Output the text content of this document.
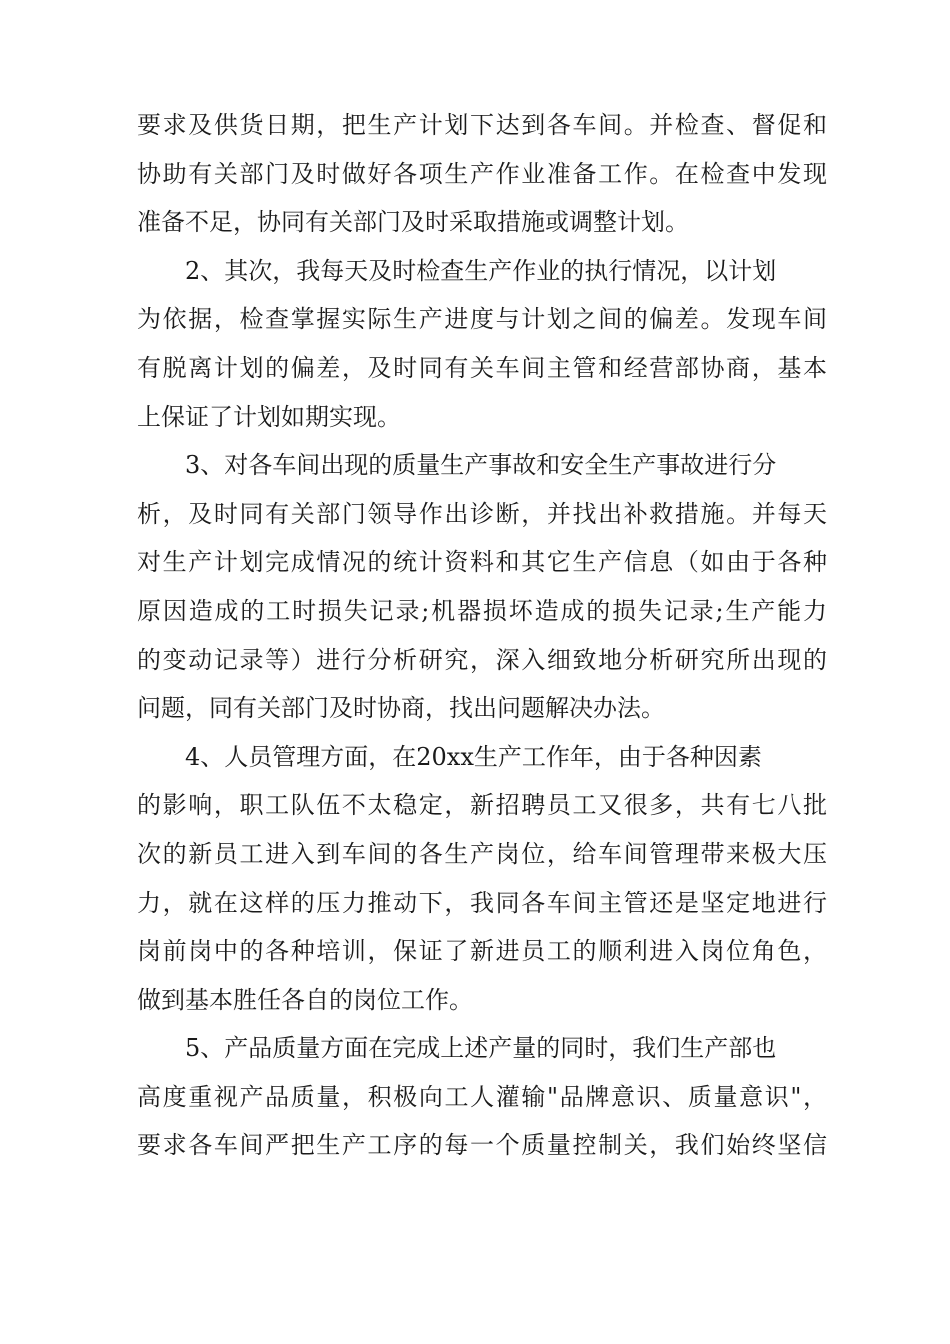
要求及供货日期，把生产计划下达到各车间。并检查、督促和
协助有关部门及时做好各项生产作业准备工作。在检查中发现
准备不足，协同有关部门及时采取措施或调整计划。

2、其次，我每天及时检查生产作业的执行情况，以计划
为依据，检查掌握实际生产进度与计划之间的偏差。发现车间
有脱离计划的偏差，及时同有关车间主管和经营部协商，基本
上保证了计划如期实现。

3、对各车间出现的质量生产事故和安全生产事故进行分
析，及时同有关部门领导作出诊断，并找出补救措施。并每天
对生产计划完成情况的统计资料和其它生产信息（如由于各种
原因造成的工时损失记录;机器损坏造成的损失记录;生产能力
的变动记录等）进行分析研究，深入细致地分析研究所出现的
问题，同有关部门及时协商，找出问题解决办法。

4、人员管理方面，在20xx生产工作年，由于各种因素
的影响，职工队伍不太稳定，新招聘员工又很多，共有七八批
次的新员工进入到车间的各生产岗位，给车间管理带来极大压
力，就在这样的压力推动下，我同各车间主管还是坚定地进行
岗前岗中的各种培训，保证了新进员工的顺利进入岗位角色，
做到基本胜任各自的岗位工作。

5、产品质量方面在完成上述产量的同时，我们生产部也
高度重视产品质量，积极向工人灌输"品牌意识、质量意识"，
要求各车间严把生产工序的每一个质量控制关，我们始终坚信
